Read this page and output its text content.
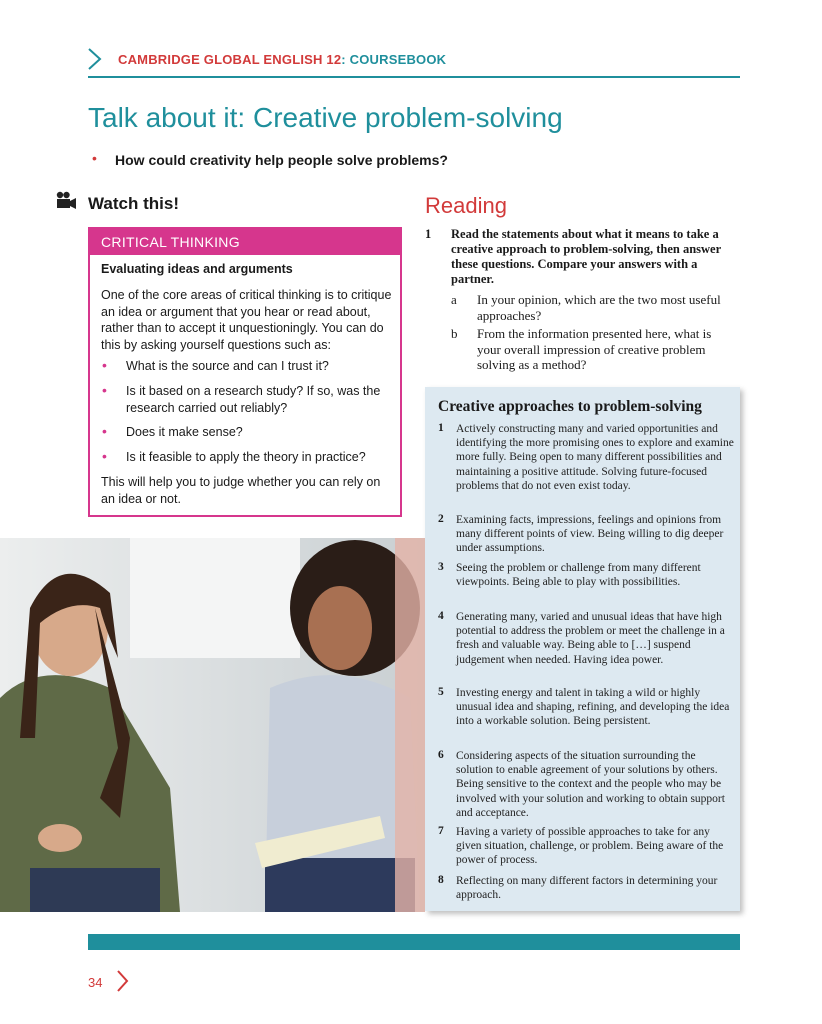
CAMBRIDGE GLOBAL ENGLISH 12: COURSEBOOK
Talk about it: Creative problem-solving
• How could creativity help people solve problems?
Watch this!
CRITICAL THINKING
Evaluating ideas and arguments
One of the core areas of critical thinking is to critique an idea or argument that you hear or read about, rather than to accept it unquestioningly. You can do this by asking yourself questions such as:
• What is the source and can I trust it?
• Is it based on a research study? If so, was the research carried out reliably?
• Does it make sense?
• Is it feasible to apply the theory in practice?
This will help you to judge whether you can rely on an idea or not.
Reading
1 Read the statements about what it means to take a creative approach to problem-solving, then answer these questions. Compare your answers with a partner.
a In your opinion, which are the two most useful approaches?
b From the information presented here, what is your overall impression of creative problem solving as a method?
Creative approaches to problem-solving
1 Actively constructing many and varied opportunities and identifying the more promising ones to explore and examine more fully. Being open to many different possibilities and maintaining a positive attitude. Solving future-focused problems that do not even exist today.
2 Examining facts, impressions, feelings and opinions from many different points of view. Being willing to dig deeper under assumptions.
3 Seeing the problem or challenge from many different viewpoints. Being able to play with possibilities.
4 Generating many, varied and unusual ideas that have high potential to address the problem or meet the challenge in a fresh and valuable way. Being able to […] suspend judgement when needed. Having idea power.
5 Investing energy and talent in taking a wild or highly unusual idea and shaping, refining, and developing the idea into a workable solution. Being persistent.
6 Considering aspects of the situation surrounding the solution to enable agreement of your solutions by others. Being sensitive to the context and the people who may be involved with your solution and working to obtain support and acceptance.
7 Having a variety of possible approaches to take for any given situation, challenge, or problem. Being aware of the power of process.
8 Reflecting on many different factors in determining your approach.
34
